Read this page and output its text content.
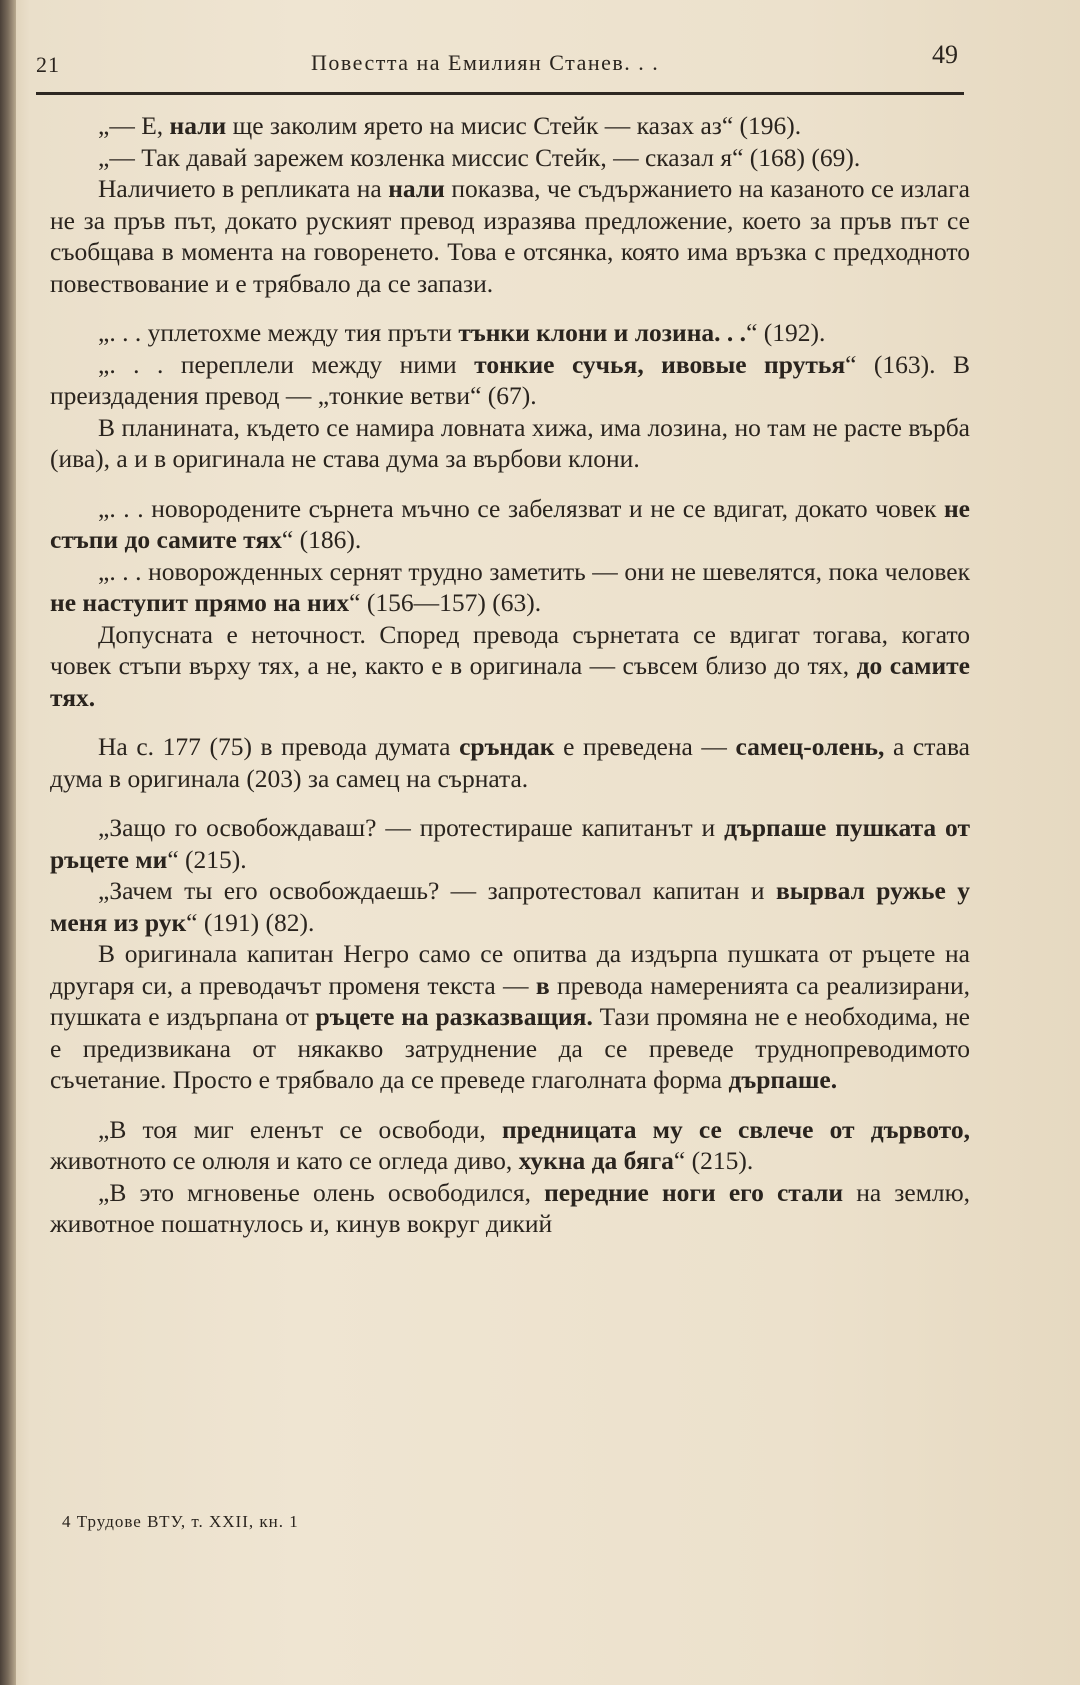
21	Повестта на Емилиян Станев. . .	49

„— Е, нали ще заколим ярето на мисис Стейк — казах аз“ (196).

„— Так давай зарежем козленка миссис Стейк, — сказал я“ (168) (69).

Наличието в репликата на нали показва, че съдържанието на казаното се излага не за пръв път, докато руският превод изразява предложение, което за пръв път се съобщава в момента на говоренето. Това е отсянка, която има връзка с предходното повествование и е трябвало да се запази.

„. . . уплетохме между тия пръти тънки клони и лозина. . .“ (192).

„. . . переплели между ними тонкие сучья, ивовые прутья“ (163). В преиздадения превод — „тонкие ветви“ (67).

В планината, където се намира ловната хижа, има лозина, но там не расте върба (ива), а и в оригинала не става дума за върбови клони.

„. . . новородените сърнета мъчно се забелязват и не се вдигат, докато човек не стъпи до самите тях“ (186).

„. . . новорожденных сернят трудно заметить — они не шевелятся, пока человек не наступит прямо на них“ (156—157) (63).

Допусната е неточност. Според превода сърнетата се вдигат тогава, когато човек стъпи върху тях, а не, както е в оригинала — съвсем близо до тях, до самите тях.

На с. 177 (75) в превода думата сръндак е преведена — самец-олень, а става дума в оригинала (203) за самец на сърната.

„Защо го освобождаваш? — протестираше капитанът и дърпаше пушката от ръцете ми“ (215).

„Зачем ты его освобождаешь? — запротестовал капитан и вырвал ружье у меня из рук“ (191) (82).

В оригинала капитан Негро само се опитва да издърпа пушката от ръцете на другаря си, а преводачът променя текста — в превода намеренията са реализирани, пушката е издърпана от ръцете на разказващия. Тази промяна не е необходима, не е предизвикана от някакво затруднение да се преведе труднопреводимото съчетание. Просто е трябвало да се преведе глаголната форма дърпаше.

„В тоя миг еленът се освободи, предницата му се свлече от дървото, животното се олюля и като се огледа диво, хукна да бяга“ (215).

„В это мгновенье олень освободился, передние ноги его стали на землю, животное пошатнулось и, кинув вокруг дикий

4 Трудове ВТУ, т. XXII, кн. 1
